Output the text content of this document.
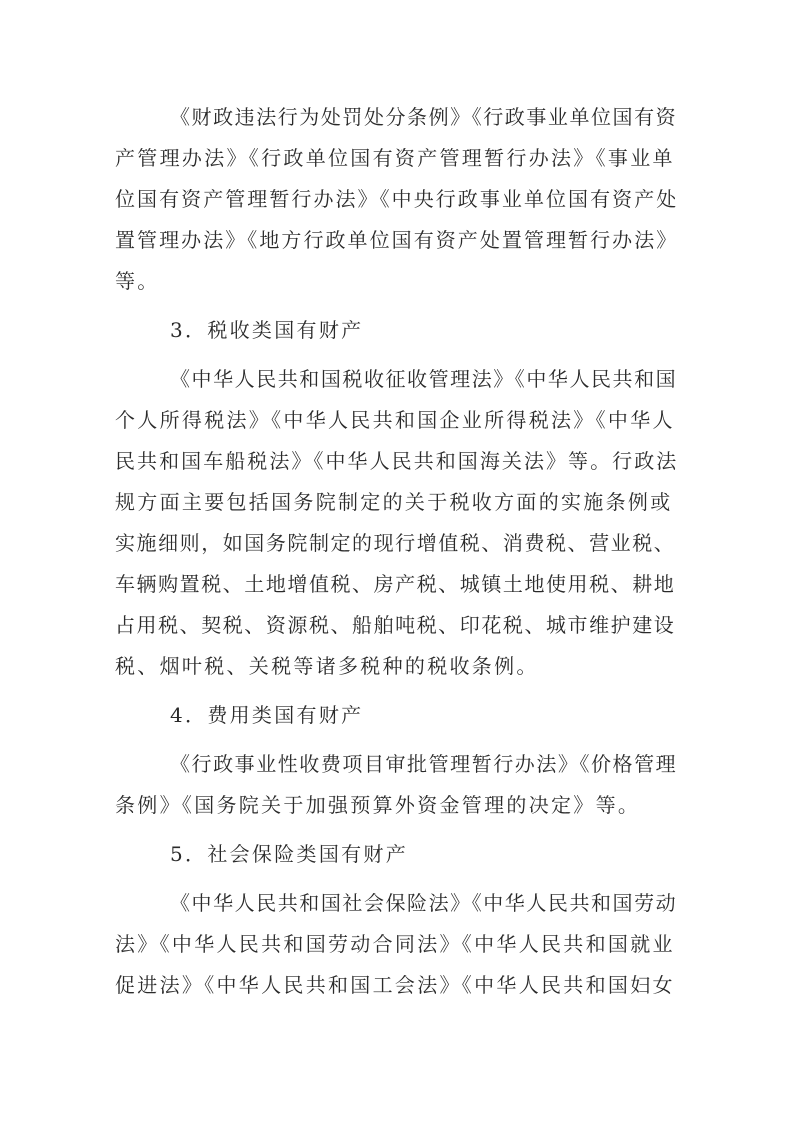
《财政违法行为处罚处分条例》《行政事业单位国有资
产管理办法》《行政单位国有资产管理暂行办法》《事业单
位国有资产管理暂行办法》《中央行政事业单位国有资产处
置管理办法》《地方行政单位国有资产处置管理暂行办法》
等。
3．税收类国有财产
《中华人民共和国税收征收管理法》《中华人民共和国
个人所得税法》《中华人民共和国企业所得税法》《中华人
民共和国车船税法》《中华人民共和国海关法》等。行政法
规方面主要包括国务院制定的关于税收方面的实施条例或
实施细则，如国务院制定的现行增值税、消费税、营业税、
车辆购置税、土地增值税、房产税、城镇土地使用税、耕地
占用税、契税、资源税、船舶吨税、印花税、城市维护建设
税、烟叶税、关税等诸多税种的税收条例。
4．费用类国有财产
《行政事业性收费项目审批管理暂行办法》《价格管理
条例》《国务院关于加强预算外资金管理的决定》等。
5．社会保险类国有财产
《中华人民共和国社会保险法》《中华人民共和国劳动
法》《中华人民共和国劳动合同法》《中华人民共和国就业
促进法》《中华人民共和国工会法》《中华人民共和国妇女
